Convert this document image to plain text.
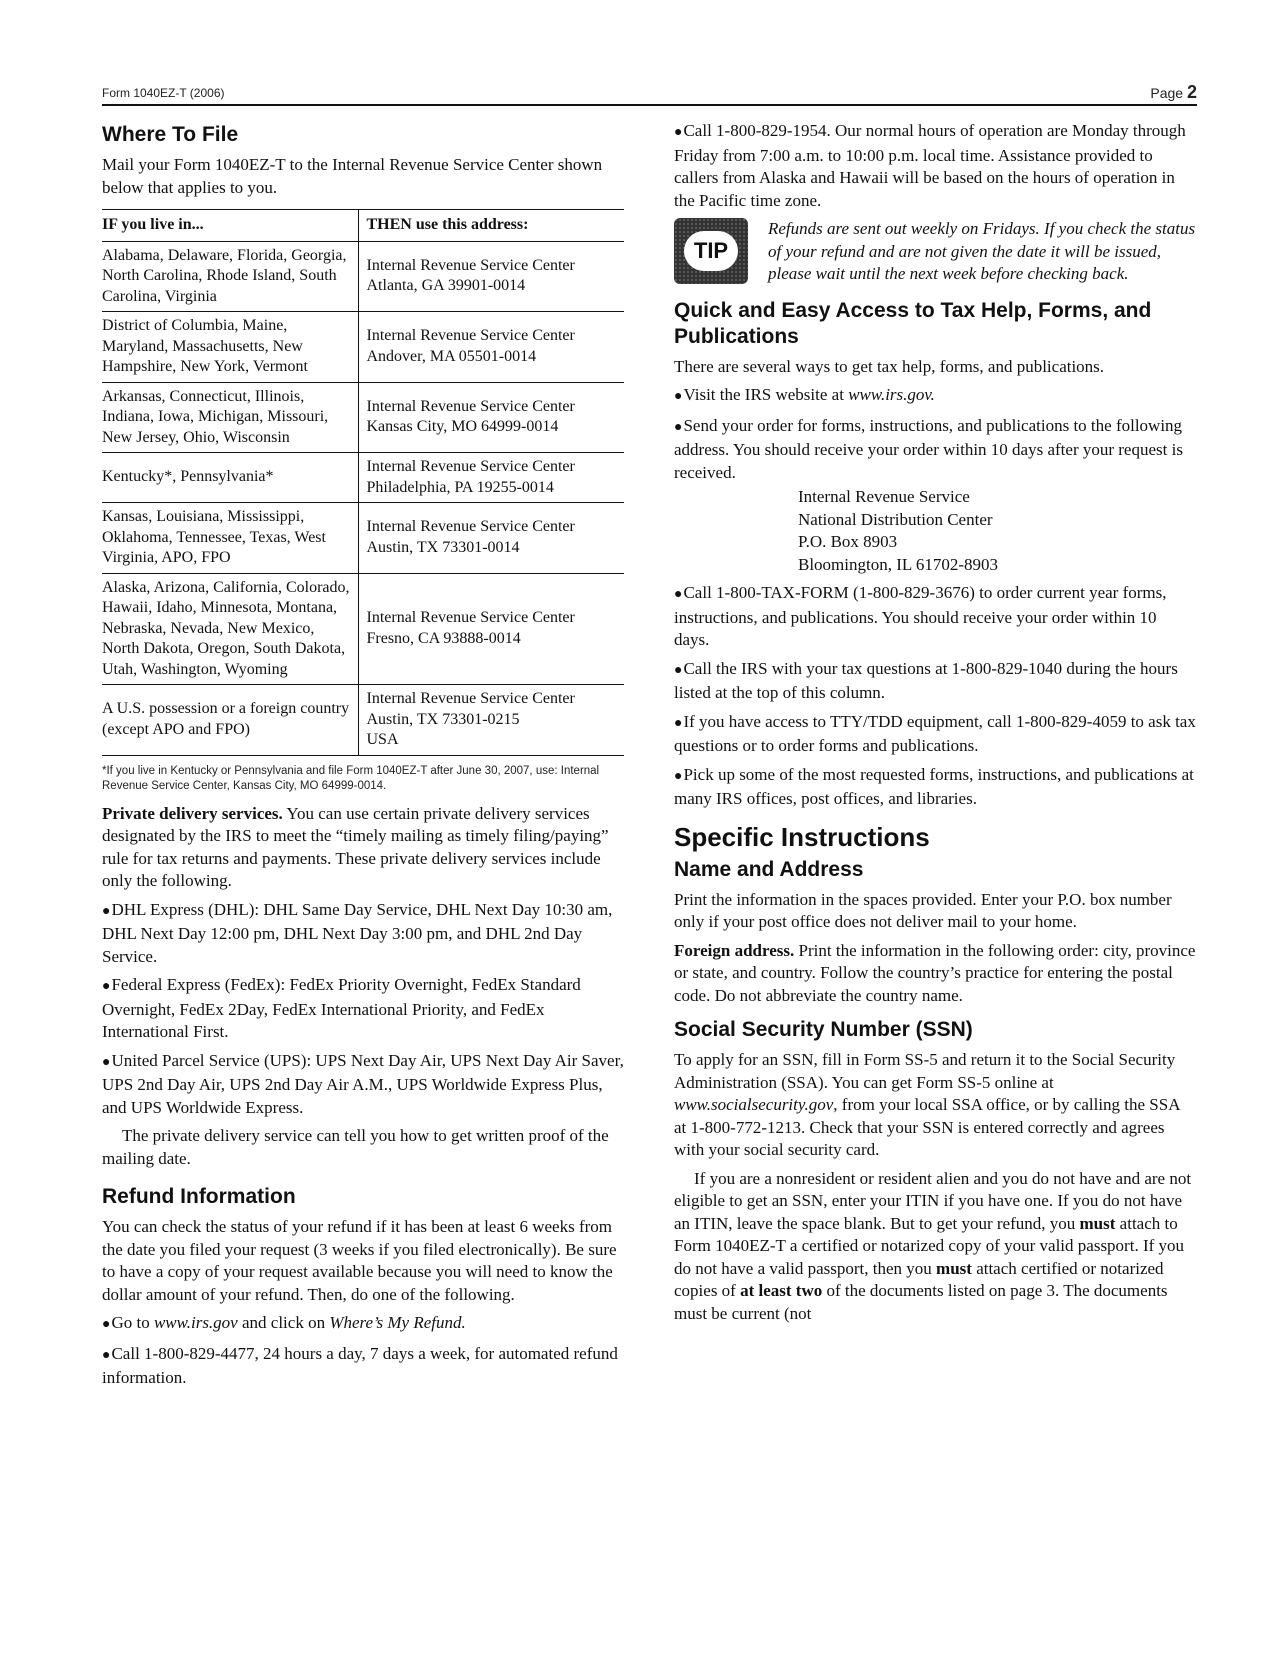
Form 1040EZ-T (2006)	Page 2
Where To File

Mail your Form 1040EZ-T to the Internal Revenue Service Center shown below that applies to you.

IF you live in...	THEN use this address:
Alabama, Delaware, Florida, Georgia, North Carolina, Rhode Island, South Carolina, Virginia	Internal Revenue Service Center
Atlanta, GA 39901-0014

District of Columbia, Maine, Maryland, Massachusetts, New Hampshire, New York, Vermont	Internal Revenue Service Center
Andover, MA 05501-0014

Arkansas, Connecticut, Illinois, Indiana, Iowa, Michigan, Missouri, New Jersey, Ohio, Wisconsin	Internal Revenue Service Center
Kansas City, MO 64999-0014

Kentucky*, Pennsylvania*	Internal Revenue Service Center
Philadelphia, PA 19255-0014

Kansas, Louisiana, Mississippi, Oklahoma, Tennessee, Texas, West Virginia, APO, FPO	Internal Revenue Service Center
Austin, TX 73301-0014

Alaska, Arizona, California, Colorado, Hawaii, Idaho, Minnesota, Montana, Nebraska, Nevada, New Mexico, North Dakota, Oregon, South Dakota, Utah, Washington, Wyoming	Internal Revenue Service Center
Fresno, CA 93888-0014

A U.S. possession or a foreign country (except APO and FPO)	Internal Revenue Service Center
Austin, TX 73301-0215
USA
*If you live in Kentucky or Pennsylvania and file Form 1040EZ-T after June 30, 2007, use: Internal Revenue Service Center, Kansas City, MO 64999-0014.

Private delivery services. You can use certain private delivery services designated by the IRS to meet the “timely mailing as timely filing/paying” rule for tax returns and payments. These private delivery services include only the following.

●DHL Express (DHL): DHL Same Day Service, DHL Next Day 10:30 am, DHL Next Day 12:00 pm, DHL Next Day 3:00 pm, and DHL 2nd Day Service.

●Federal Express (FedEx): FedEx Priority Overnight, FedEx Standard Overnight, FedEx 2Day, FedEx International Priority, and FedEx International First.

●United Parcel Service (UPS): UPS Next Day Air, UPS Next Day Air Saver, UPS 2nd Day Air, UPS 2nd Day Air A.M., UPS Worldwide Express Plus, and UPS Worldwide Express.

The private delivery service can tell you how to get written proof of the mailing date.

Refund Information

You can check the status of your refund if it has been at least 6 weeks from the date you filed your request (3 weeks if you filed electronically). Be sure to have a copy of your request available because you will need to know the dollar amount of your refund. Then, do one of the following.

●Go to www.irs.gov and click on Where’s My Refund.

●Call 1-800-829-4477, 24 hours a day, 7 days a week, for automated refund information.

●Call 1-800-829-1954. Our normal hours of operation are Monday through Friday from 7:00 a.m. to 10:00 p.m. local time. Assistance provided to callers from Alaska and Hawaii will be based on the hours of operation in the Pacific time zone.

TIP
Refunds are sent out weekly on Fridays. If you check the status of your refund and are not given the date it will be issued, please wait until the next week before checking back.
Quick and Easy Access to Tax Help, Forms, and Publications

There are several ways to get tax help, forms, and publications.

●Visit the IRS website at www.irs.gov.

●Send your order for forms, instructions, and publications to the following address. You should receive your order within 10 days after your request is received.

Internal Revenue Service
National Distribution Center
P.O. Box 8903
Bloomington, IL 61702-8903

●Call 1-800-TAX-FORM (1-800-829-3676) to order current year forms, instructions, and publications. You should receive your order within 10 days.

●Call the IRS with your tax questions at 1-800-829-1040 during the hours listed at the top of this column.

●If you have access to TTY/TDD equipment, call 1-800-829-4059 to ask tax questions or to order forms and publications.

●Pick up some of the most requested forms, instructions, and publications at many IRS offices, post offices, and libraries.

Specific Instructions
Name and Address

Print the information in the spaces provided. Enter your P.O. box number only if your post office does not deliver mail to your home.

Foreign address. Print the information in the following order: city, province or state, and country. Follow the country’s practice for entering the postal code. Do not abbreviate the country name.

Social Security Number (SSN)

To apply for an SSN, fill in Form SS-5 and return it to the Social Security Administration (SSA). You can get Form SS-5 online at www.socialsecurity.gov, from your local SSA office, or by calling the SSA at 1-800-772-1213. Check that your SSN is entered correctly and agrees with your social security card.

If you are a nonresident or resident alien and you do not have and are not eligible to get an SSN, enter your ITIN if you have one. If you do not have an ITIN, leave the space blank. But to get your refund, you must attach to Form 1040EZ-T a certified or notarized copy of your valid passport. If you do not have a valid passport, then you must attach certified or notarized copies of at least two of the documents listed on page 3. The documents must be current (not
